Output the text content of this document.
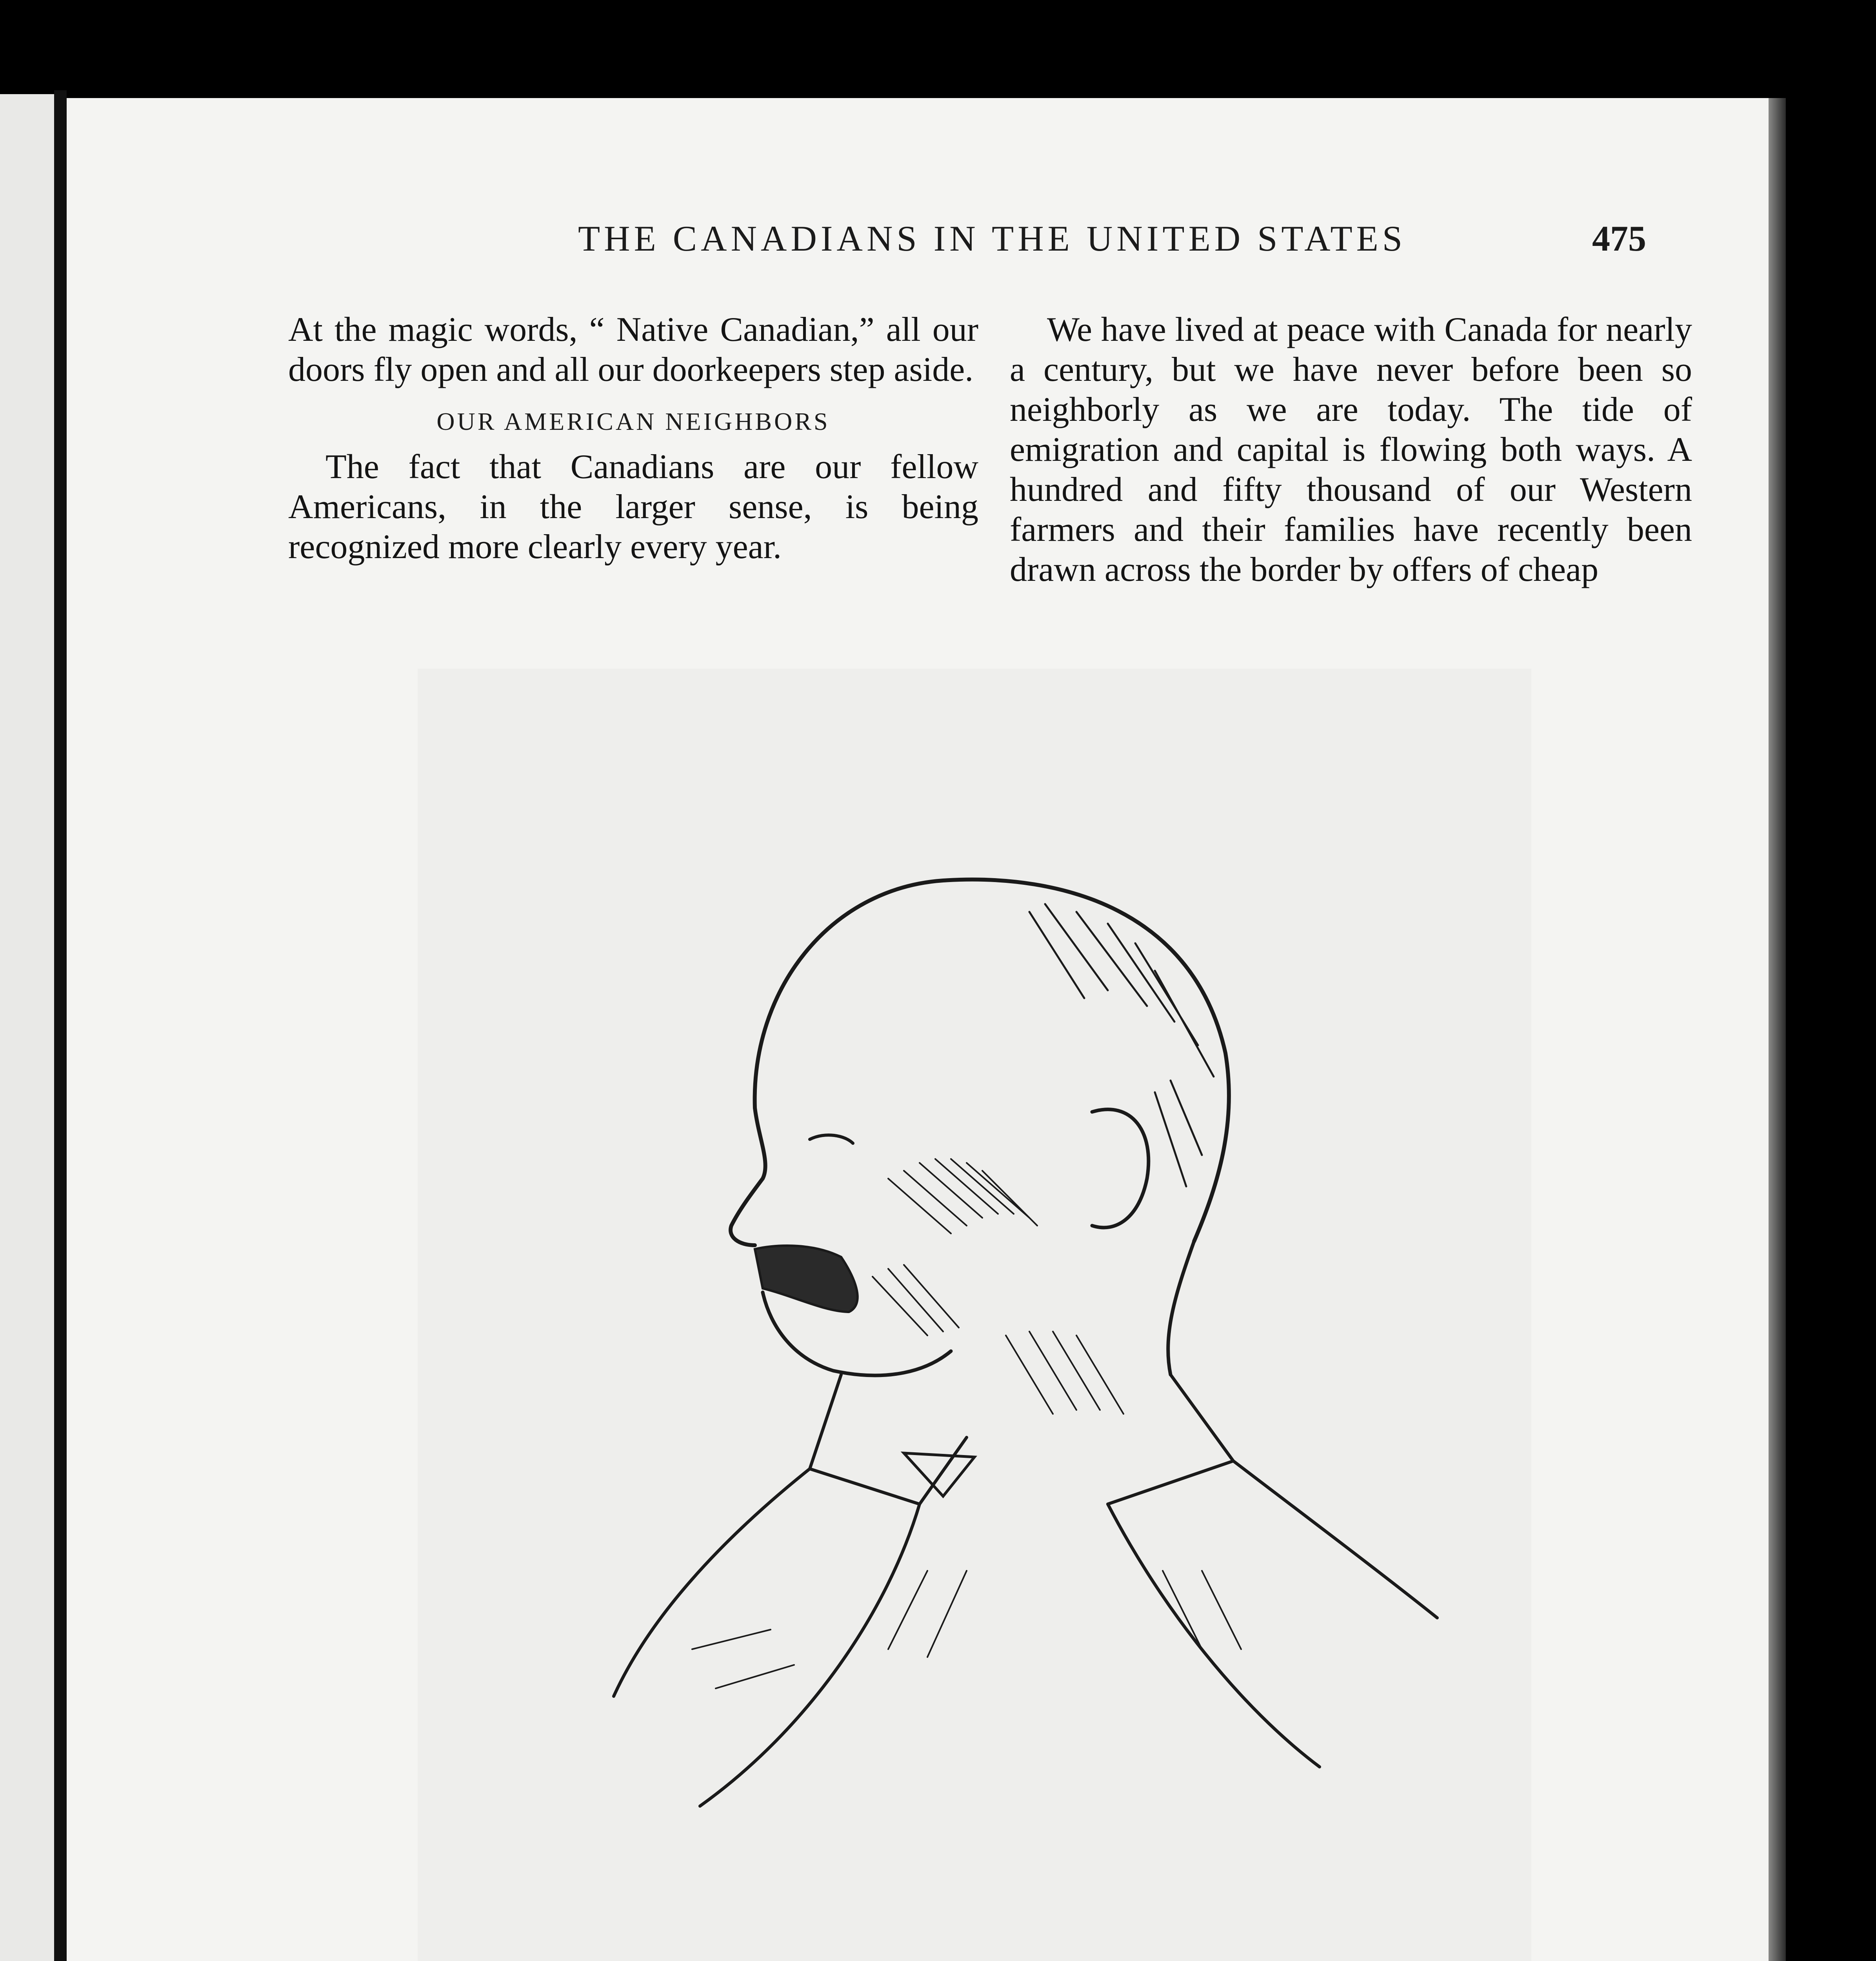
THE CANADIANS IN THE UNITED STATES	475

At the magic words, “ Native Canadian,” all our doors fly open and all our doorkeepers step aside.

OUR AMERICAN NEIGHBORS

The fact that Canadians are our fellow Americans, in the larger sense, is being recognized more clearly every year.

We have lived at peace with Canada for nearly a century, but we have never before been so neighborly as we are today. The tide of emigration and capital is flowing both ways. A hundred and fifty thousand of our Western farmers and their families have recently been drawn across the border by offers of cheap
